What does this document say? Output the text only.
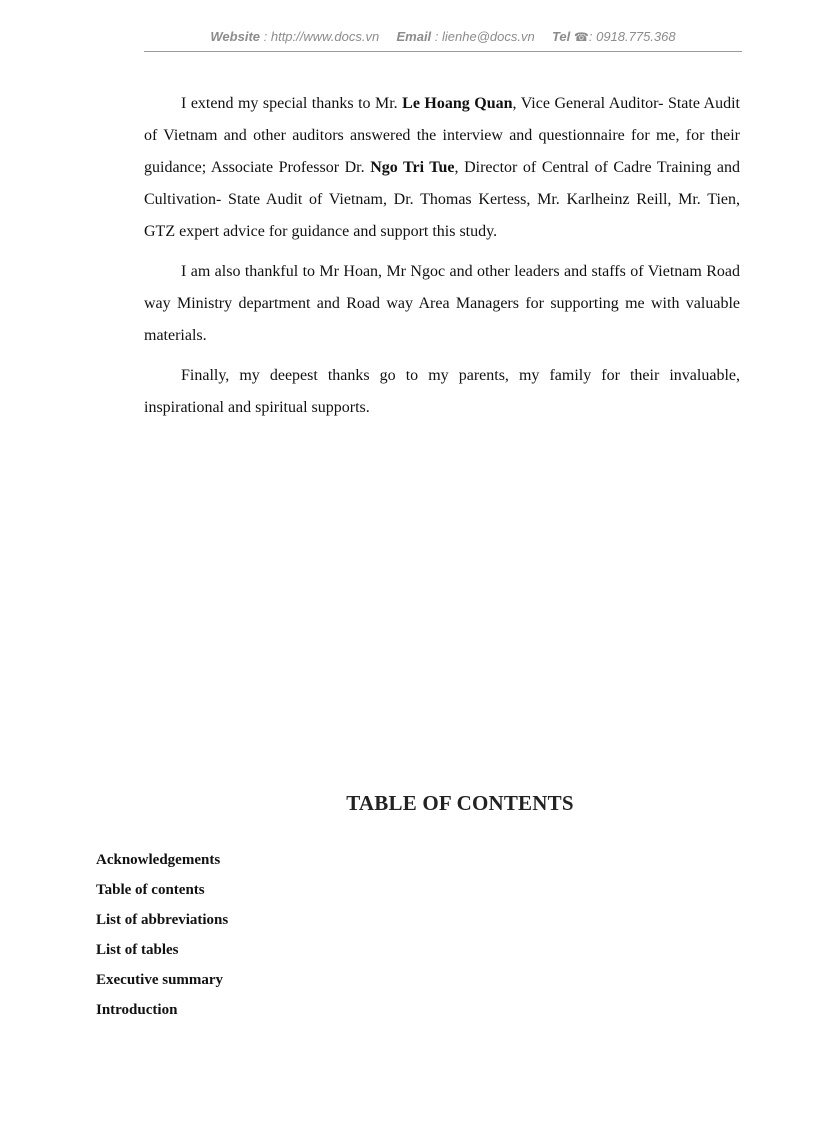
Website : http://www.docs.vn Email : lienhe@docs.vn Tel ☎: 0918.775.368

I extend my special thanks to Mr. Le Hoang Quan, Vice General Auditor- State Audit of Vietnam and other auditors answered the interview and questionnaire for me, for their guidance; Associate Professor Dr. Ngo Tri Tue, Director of Central of Cadre Training and Cultivation- State Audit of Vietnam, Dr. Thomas Kertess, Mr. Karlheinz Reill, Mr. Tien, GTZ expert advice for guidance and support this study.

I am also thankful to Mr Hoan, Mr Ngoc and other leaders and staffs of Vietnam Road way Ministry department and Road way Area Managers for supporting me with valuable materials.

Finally, my deepest thanks go to my parents, my family for their invaluable, inspirational and spiritual supports.

TABLE OF CONTENTS
Acknowledgements
Table of contents
List of abbreviations
List of tables
Executive summary
Introduction
